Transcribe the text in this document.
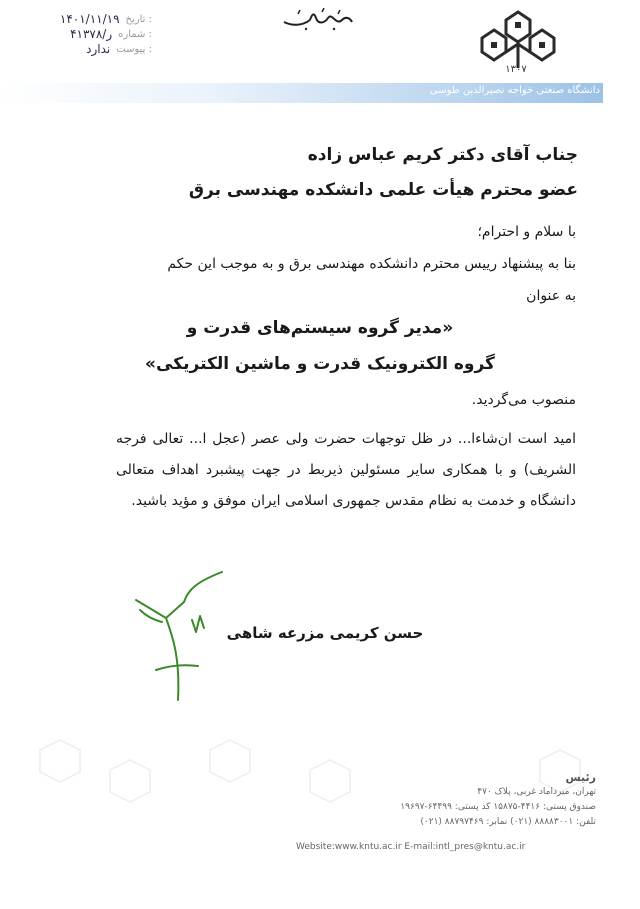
۱۴۰۱/۱۱/۱۹ تاریخ :
۴۱۳۷۸/ر شماره :
ندارد پیوست :
۱۳۰۷
دانشگاه صنعتی خواجه نصیرالدین طوسی
جناب آقای دکتر کریم عباس زاده
عضو محترم هیأت علمی دانشکده مهندسی برق
با سلام و احترام؛
بنا به پیشنهاد رییس محترم دانشکده مهندسی برق و به موجب این حکم
به عنوان
«مدیر گروه سیستم‌های قدرت و
گروه الکترونیک قدرت و ماشین الکتریکی»
منصوب می‌گردید.
امید است ان‌شاءا... در ظل توجهات حضرت ولی عصر (عجل ا... تعالی فرجه الشریف) و با همکاری سایر مسئولین ذیربط در جهت پیشبرد اهداف متعالی دانشگاه و خدمت به نظام مقدس جمهوری اسلامی ایران موفق و مؤید باشید.
حسن کریمی مزرعه شاهی
رئیس
تهران، میرداماد غربی، پلاک ۴۷۰
صندوق پستی: ۴۴۱۶-۱۵۸۷۵ کد پستی: ۶۴۴۹۹-۱۹۶۹۷
تلفن: ۸۸۸۸۳۰۰۱ (۰۲۱) نمابر: ۸۸۷۹۷۴۶۹ (۰۲۱)
Website:www.kntu.ac.ir E-mail:intl_pres@kntu.ac.ir
